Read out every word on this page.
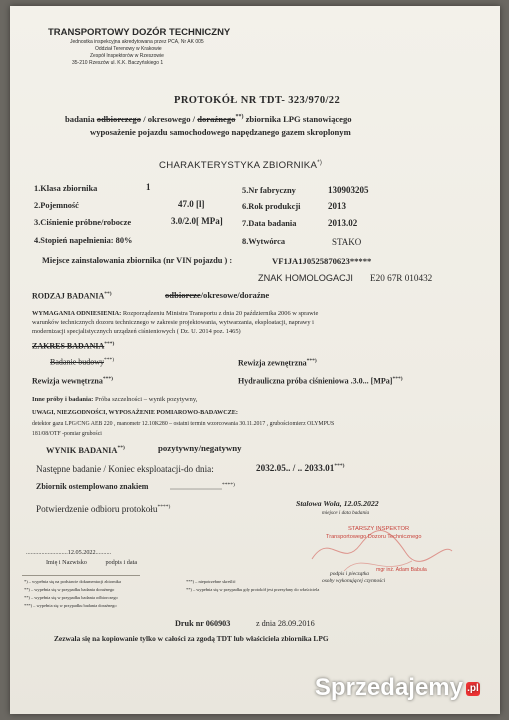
TRANSPORTOWY DOZÓR TECHNICZNY
Jednostka inspekcyjna akredytowana przez PCA, Nr AK 005
Oddział Terenowy w Krakowie
Zespół Inspektorów w Rzeszowie
35-210 Rzeszów ul. K.K. Baczyńskiego 1
PROTOKÓŁ NR TDT- 323/970/22
badania odbiorczego / okresowego / doraźnego**) zbiornika LPG stanowiącego
wyposażenie pojazdu samochodowego napędzanego gazem skroplonym
CHARAKTERYSTYKA ZBIORNIKA*)
1.Klasa zbiornika	1	5.Nr fabryczny	130903205
2.Pojemność	47.0 [l]	6.Rok produkcji	2013
3.Ciśnienie próbne/robocze	3.0/2.0[ MPa] 7.Data badania	2013.02
4.Stopień napełnienia: 80%	8.Wytwórca	STAKO
Miejsce zainstalowania zbiornika (nr VIN pojazdu ) :	VF1JA1J0525870623*****
ZNAK HOMOLOGACJI E20 67R 010432
RODZAJ BADANIA**)	odbiorcze/okresowe/doraźne
WYMAGANIA ODNIESIENIA: Rozporządzeniu Ministra Transportu z dnia 20 października 2006 w sprawie
warunków technicznych dozoru technicznego w zakresie projektowania, wytwarzania, eksploatacji, naprawy i
modernizacji specjalistycznych urządzeń ciśnieniowych ( Dz. U. 2014 poz. 1465)
ZAKRES BADANIA***)
Badanie budowy***)	Rewizja zewnętrzna***)
Rewizja wewnętrzna***)	Hydrauliczna próba ciśnieniowa .3.0... [MPa]***)
Inne próby i badania: Próba szczelności – wynik pozytywny,
UWAGI, NIEZGODNOŚCI, WYPOSAŻENIE POMIAROWO-BADAWCZE:
detektor gazu LPG/CNG AEB 220 , manometr 12.10K280 – ostatni termin wzorcowania 30.11.2017 , grubościomierz OLYMPUS
181/08/OTF -pomiar grubości
WYNIK BADANIA**)	pozytywny/negatywny
Następne badanie / Koniec eksploatacji-do dnia:	2032.05.. / .. 2033.01***)
Zbiornik ostemplowano znakiem	..........................****)
Potwierdzenie odbioru protokołu****)	Stalowa Wola, 12.05.2022
miejsce i data badania
STARSZY INSPEKTOR
Transportowego Dozoru Technicznego
mgr inż. Adam Babula
...........................12.05.2022..........
Imię i Nazwisko            podpis i data
podpis i pieczątka
osoby wykonującej czynności
*) – wypełnia się na podstawie dokumentacji zbiornika	***) – niepotrzebne skreślić
**) – wypełnia się w przypadku badania doraźnego	**) – wypełnia się w przypadku gdy protokół jest przesyłany do właściciela
**) – wypełnia się w przypadku badania odbiorczego
***) – wypełnia się w przypadku badania doraźnego
Druk nr 060903	z dnia 28.09.2016
Zezwala się na kopiowanie tylko w całości za zgodą TDT lub właściciela zbiornika LPG
Sprzedajemy .pl
